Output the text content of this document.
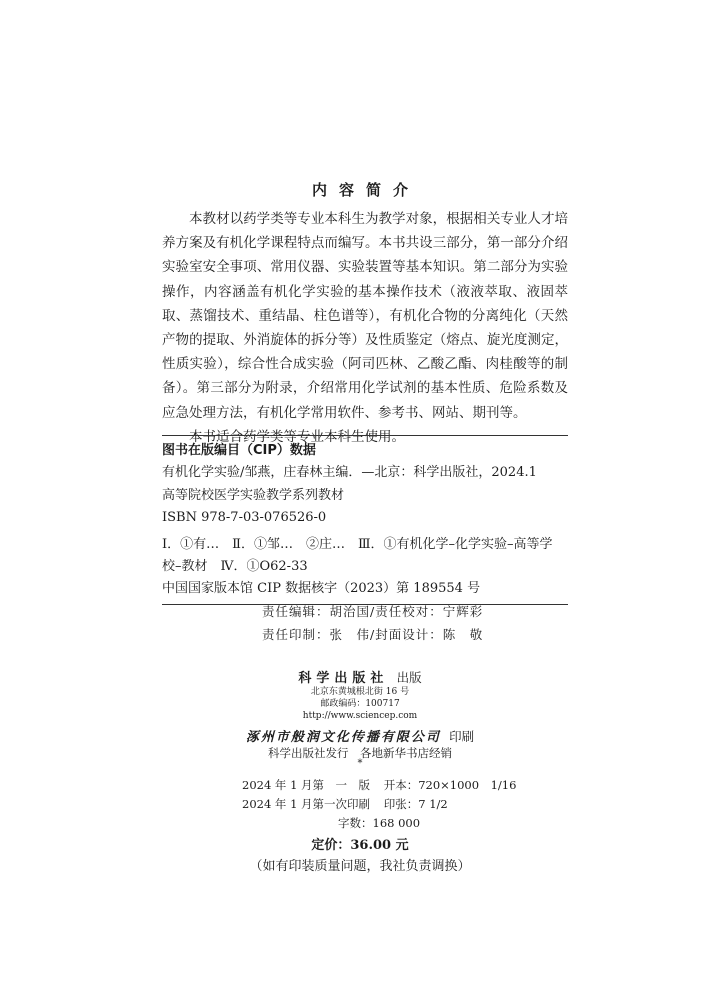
内容简介

本教材以药学类等专业本科生为教学对象，根据相关专业人才培养方案及有机化学课程特点而编写。本书共设三部分，第一部分介绍实验室安全事项、常用仪器、实验装置等基本知识。第二部分为实验操作，内容涵盖有机化学实验的基本操作技术（液液萃取、液固萃取、蒸馏技术、重结晶、柱色谱等），有机化合物的分离纯化（天然产物的提取、外消旋体的拆分等）及性质鉴定（熔点、旋光度测定，性质实验），综合性合成实验（阿司匹林、乙酸乙酯、肉桂酸等的制备）。第三部分为附录，介绍常用化学试剂的基本性质、危险系数及应急处理方法，有机化学常用软件、参考书、网站、期刊等。

本书适合药学类等专业本科生使用。

图书在版编目（CIP）数据
有机化学实验/邹燕，庄春林主编．—北京：科学出版社，2024.1
高等院校医学实验教学系列教材
ISBN 978-7-03-076526-0
Ⅰ．①有…　Ⅱ．①邹…　②庄…　Ⅲ．①有机化学–化学实验–高等学
校–教材　Ⅳ．①O62-33
中国国家版本馆 CIP 数据核字（2023）第 189554 号
责任编辑：胡治国/责任校对：宁辉彩
责任印制：张　伟/封面设计：陈　敬
科学出版社 出版
北京东黄城根北街 16 号
邮政编码：100717
http://www.sciencep.com
涿州市般润文化传播有限公司 印刷
科学出版社发行　各地新华书店经销
*
2024 年 1 月第　一　版 开本：720×1000　1/16
2024 年 1 月第一次印刷 印张：7 1/2
字数：168 000
定价：36.00 元
（如有印装质量问题，我社负责调换）
